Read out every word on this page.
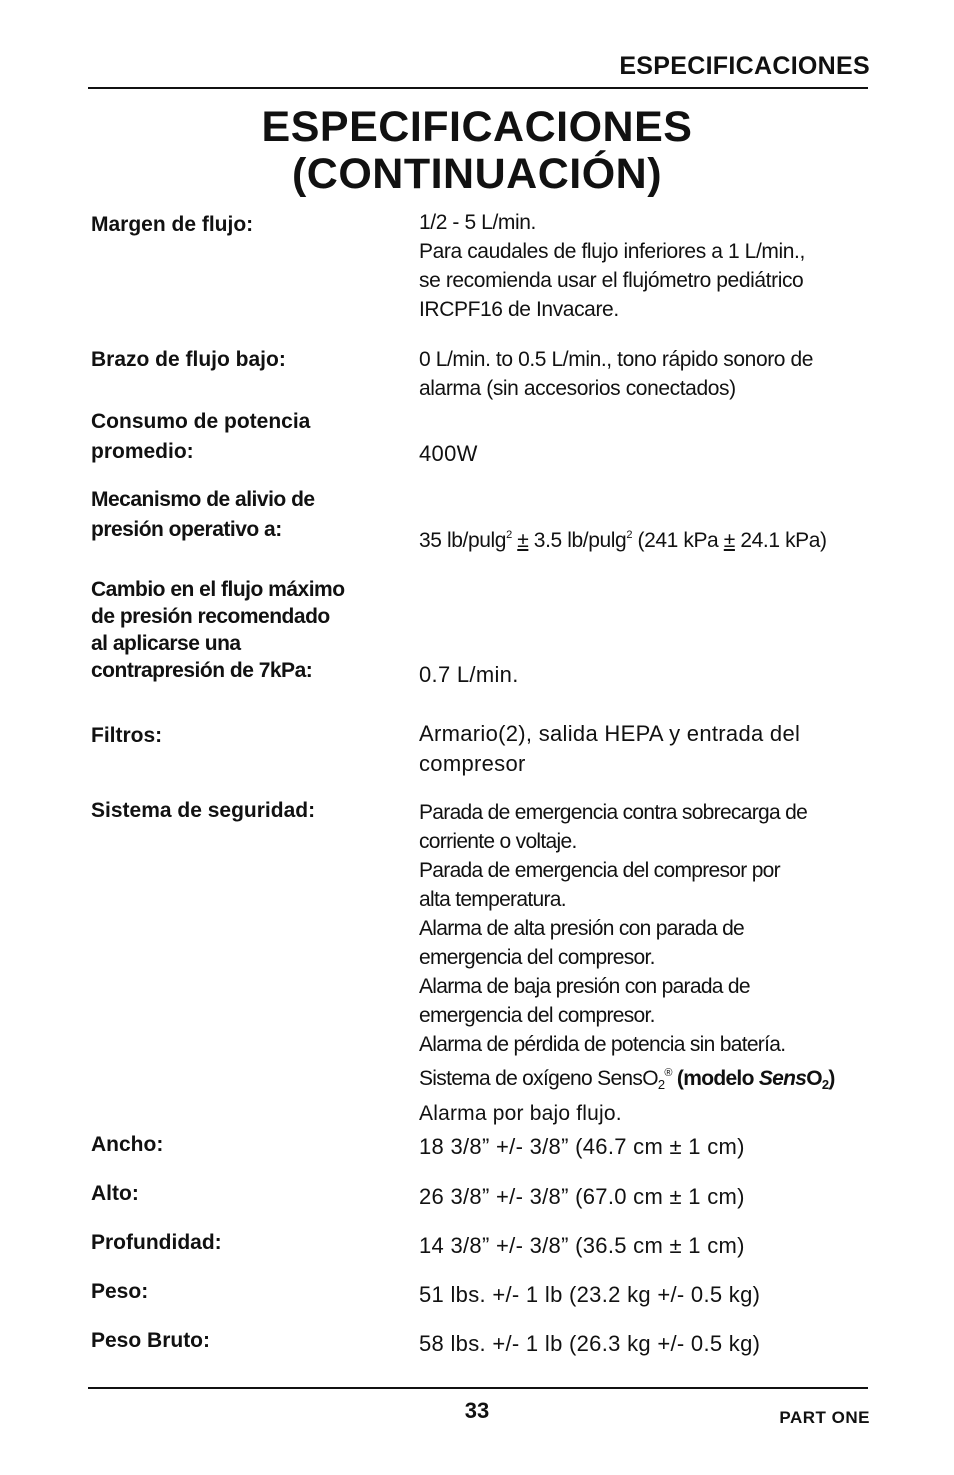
ESPECIFICACIONES
ESPECIFICACIONES
(CONTINUACIÓN)
Margen de flujo:	1/2 - 5 L/min.
Para caudales de flujo inferiores a 1 L/min.,
se recomienda usar el flujómetro pediátrico
IRCPF16 de Invacare.
Brazo de flujo bajo:	0 L/min. to 0.5 L/min., tono rápido sonoro de
alarma (sin accesorios conectados)
Consumo de potencia
promedio:	400W
Mecanismo de alivio de
presión operativo a:	35 lb/pulg$^2$ ± 3.5 lb/pulg$^2$ (241 kPa ± 24.1 kPa)
Cambio en el flujo máximo
de presión recomendado
al aplicarse una
contrapresión de 7kPa:	0.7 L/min.
Filtros:	Armario(2), salida HEPA y entrada del
compresor
Sistema de seguridad:	Parada de emergencia contra sobrecarga de
corriente o voltaje.
Parada de emergencia del compresor por
alta temperatura.
Alarma de alta presión con parada de
emergencia del compresor.
Alarma de baja presión con parada de
emergencia del compresor.
Alarma de pérdida de potencia sin batería.
Sistema de oxígeno SensO$_2$® (modelo SensO$_2$)
Alarma por bajo flujo.
Ancho:	18 3/8” +/- 3/8” (46.7 cm ± 1 cm)
Alto:	26 3/8” +/- 3/8” (67.0 cm ± 1 cm)
Profundidad:	14 3/8” +/- 3/8” (36.5 cm ± 1 cm)
Peso:	51 lbs. +/- 1 lb (23.2 kg +/- 0.5 kg)
Peso Bruto:	58 lbs. +/- 1 lb (26.3 kg +/- 0.5 kg)
33	PART ONE
